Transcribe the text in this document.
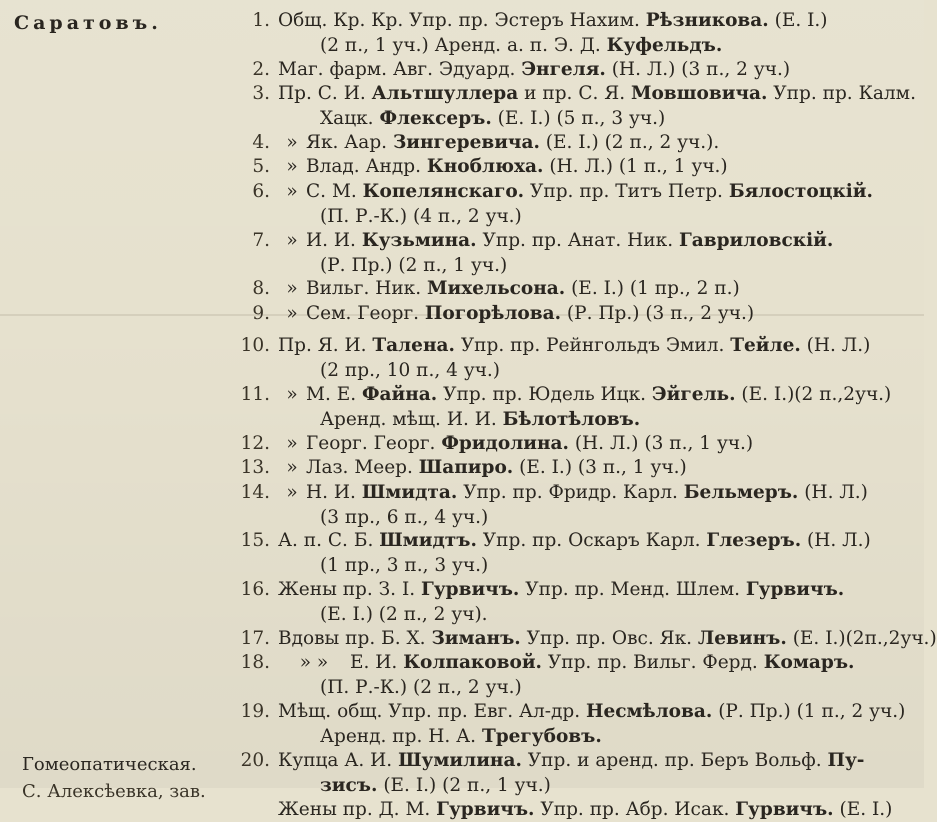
Саратовъ.
Гомеопатическая.
С. Алексѣевка, зав.
1. Общ. Кр. Кр. Упр. пр. Эстеръ Нахим. Рѣзникова. (Е. І.)
(2 п., 1 уч.) Аренд. а. п. Э. Д. Куфельдъ.
2. Маг. фарм. Авг. Эдуард. Энгеля. (Н. Л.) (3 п., 2 уч.)
3. Пр. С. И. Альтшуллера и пр. С. Я. Мовшовича. Упр. пр. Калм.
Хацк. Флексеръ. (Е. І.) (5 п., 3 уч.)
4. » Як. Аар. Зингеревича. (Е. І.) (2 п., 2 уч.).
5. » Влад. Андр. Кноблюха. (Н. Л.) (1 п., 1 уч.)
6. » С. М. Копелянскаго. Упр. пр. Титъ Петр. Бялостоцкій.
(П. Р.-К.) (4 п., 2 уч.)
7. » И. И. Кузьмина. Упр. пр. Анат. Ник. Гавриловскій.
(Р. Пр.) (2 п., 1 уч.)
8. » Вильг. Ник. Михельсона. (Е. І.) (1 пр., 2 п.)
9. » Сем. Георг. Погорѣлова. (Р. Пр.) (3 п., 2 уч.)
10. Пр. Я. И. Талена. Упр. пр. Рейнгольдъ Эмил. Тейле. (Н. Л.)
(2 пр., 10 п., 4 уч.)
11. » М. Е. Файна. Упр. пр. Юдель Ицк. Эйгель. (Е. І.)(2 п.,2уч.)
Аренд. мѣщ. И. И. Бѣлотѣловъ.
12. » Георг. Георг. Фридолина. (Н. Л.) (3 п., 1 уч.)
13. » Лаз. Меер. Шапиро. (Е. І.) (3 п., 1 уч.)
14. » Н. И. Шмидта. Упр. пр. Фридр. Карл. Бельмеръ. (Н. Л.)
(3 пр., 6 п., 4 уч.)
15. А. п. С. Б. Шмидтъ. Упр. пр. Оскаръ Карл. Глезеръ. (Н. Л.)
(1 пр., 3 п., 3 уч.)
16. Жены пр. З. І. Гурвичъ. Упр. пр. Менд. Шлем. Гурвичъ.
(Е. І.) (2 п., 2 уч).
17. Вдовы пр. Б. Х. Зиманъ. Упр. пр. Овс. Як. Левинъ. (Е. І.)(2п.,2уч.)
18. » » Е. И. Колпаковой. Упр. пр. Вильг. Ферд. Комаръ.
(П. Р.-К.) (2 п., 2 уч.)
19. Мѣщ. общ. Упр. пр. Евг. Ал-др. Несмѣлова. (Р. Пр.) (1 п., 2 уч.)
Аренд. пр. Н. А. Трегубовъ.
20. Купца А. И. Шумилина. Упр. и аренд. пр. Беръ Вольф. Пу-
зисъ. (Е. І.) (2 п., 1 уч.)
Жены пр. Д. М. Гурвичъ. Упр. пр. Абр. Исак. Гурвичъ. (Е. І.)
